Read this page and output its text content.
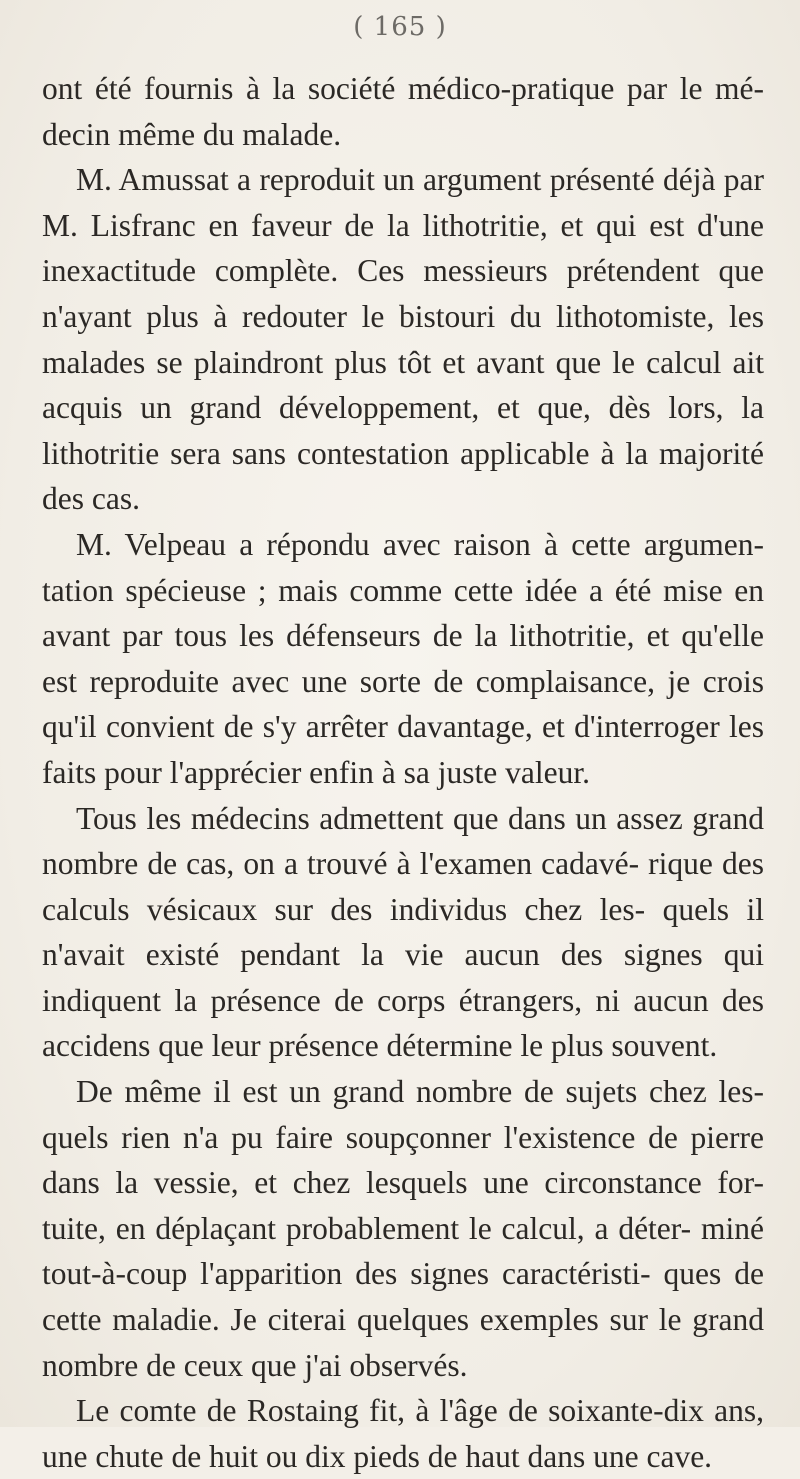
( 165 )

ont été fournis à la société médico-pratique par le mé- decin même du malade.

M. Amussat a reproduit un argument présenté déjà par M. Lisfranc en faveur de la lithotritie, et qui est d'une inexactitude complète. Ces messieurs prétendent que n'ayant plus à redouter le bistouri du lithotomiste, les malades se plaindront plus tôt et avant que le calcul ait acquis un grand développement, et que, dès lors, la lithotritie sera sans contestation applicable à la majorité des cas.

M. Velpeau a répondu avec raison à cette argumen- tation spécieuse ; mais comme cette idée a été mise en avant par tous les défenseurs de la lithotritie, et qu'elle est reproduite avec une sorte de complaisance, je crois qu'il convient de s'y arrêter davantage, et d'interroger les faits pour l'apprécier enfin à sa juste valeur.

Tous les médecins admettent que dans un assez grand nombre de cas, on a trouvé à l'examen cadavé- rique des calculs vésicaux sur des individus chez les- quels il n'avait existé pendant la vie aucun des signes qui indiquent la présence de corps étrangers, ni aucun des accidens que leur présence détermine le plus souvent.

De même il est un grand nombre de sujets chez les- quels rien n'a pu faire soupçonner l'existence de pierre dans la vessie, et chez lesquels une circonstance for- tuite, en déplaçant probablement le calcul, a déter- miné tout-à-coup l'apparition des signes caractéristi- ques de cette maladie. Je citerai quelques exemples sur le grand nombre de ceux que j'ai observés.

Le comte de Rostaing fit, à l'âge de soixante-dix ans, une chute de huit ou dix pieds de haut dans une cave.
